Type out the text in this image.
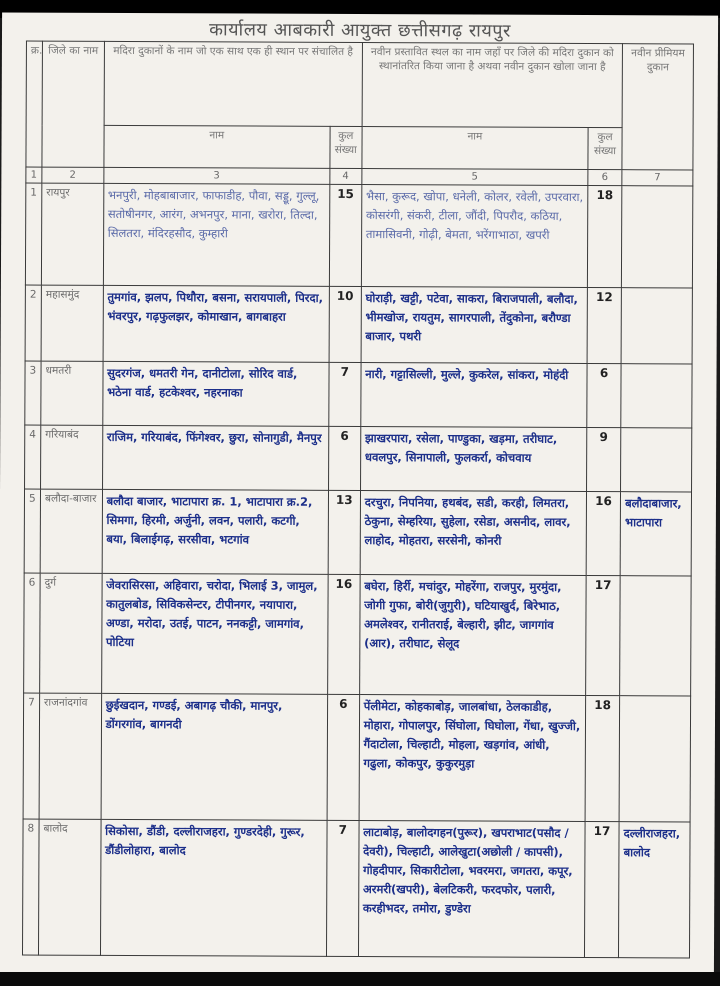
कार्यालय आबकारी आयुक्त छत्तीसगढ़ रायपुर
क्र.	जिले का नाम	मदिरा दुकानों के नाम जो एक साथ एक ही स्थान पर संचालित है		नवीन प्रस्तावित स्थल का नाम जहाँ पर जिले की मदिरा दुकान को स्थानांतरित किया जाना है अथवा नवीन दुकान खोला जाना है		नवीन प्रीमियम दुकान
		नाम	कुल संख्या	नाम	कुल संख्या	
1	2	3	4	5	6	7
1	रायपुर	भनपुरी, मोहबाबाजार, फाफाडीह, पौवा, सड्डू, गुल्लू, सतोषीनगर, आरंग, अभनपुर, माना, खरोरा, तिल्दा, सिलतरा, मंदिरहसौद, कुम्हारी	15	भैसा, कुरूद, खोपा, धनेली, कोलर, रवेली, उपरवारा, कोसरंगी, संकरी, टीला, जौंदी, पिपरौद, कठिया, तामासिवनी, गोढ़ी, बेमता, भरेंगाभाठा, खपरी	18	
2	महासमुंद	तुमगांव, झलप, पिथौरा, बसना, सरायपाली, पिरदा, भंवरपुर, गढ़फुलझर, कोमाखान, बागबाहरा	10	घोराड़ी, खट्टी, पटेवा, साकरा, बिराजपाली, बलौदा, भीमखोज, रायतुम, सागरपाली, तेंदुकोना, बरौण्डा बाजार, पथरी	12	
3	धमतरी	सुदरगंज, धमतरी गेन, दानीटोला, सोरिद वार्ड, भठेना वार्ड, हटकेश्वर, नहरनाका	7	नारी, गट्टासिल्ली, मुल्ले, कुकरेल, सांकरा, मोहंदी	6	
4	गरियाबंद	राजिम, गरियाबंद, फिंगेश्वर, छुरा, सोनागुडी, मैनपुर	6	झाखरपारा, रसेला, पाण्डुका, खड़मा, तरीघाट, धवलपुर, सिनापाली, फुलकर्रा, कोचवाय	9	
5	बलौदा-बाजार	बलौदा बाजार, भाटापारा क्र. 1, भाटापारा क्र.2, सिमगा, हिरमी, अर्जुनी, लवन, पलारी, कटगी, बया, बिलाईगढ़, सरसीवा, भटगांव	13	दरचुरा, निपनिया, हथबंद, सडी, करही, लिमतरा, ठेकुना, सेम्हरिया, सुहेला, रसेडा, असनीद, लावर, लाहोद, मोहतरा, सरसेनी, कोनरी	16	बलौदाबाजार, भाटापारा
6	दुर्ग	जेवरासिरसा, अहिवारा, चरोदा, भिलाई 3, जामुल, कातुलबोड, सिविकसेन्टर, टीपीनगर, नयापारा, अण्डा, मरोदा, उतई, पाटन, ननकट्टी, जामगांव, पोटिया	16	बघेरा, हिर्री, मचांदुर, मोहरेंगा, राजपुर, मुरमुंदा, जोगी गुफा, बोरी(जुगुरी), घटियाखुर्द, बिरेभाठ, अमलेश्वर, रानीतराई, बेल्हारी, झीट, जागगांव (आर), तरीघाट, सेलूद	17	
7	राजनांदगांव	छुईखदान, गण्डई, अबागढ़ चौकी, मानपुर, डोंगरगांव, बागनदी	6	पेंलीमेटा, कोहकाबोड़, जालबांधा, ठेलकाडीह, मोहारा, गोपालपुर, सिंघोला, घिघोला, गेंधा, खुज्जी, गैंदाटोला, चिल्हाटी, मोहला, खड़गांव, आंधी, गढुला, कोकपुर, कुकुरमुड़ा	18	
8	बालोद	सिकोसा, डौंडी, दल्लीराजहरा, गुण्डरदेही, गुरूर, डौंडीलोहारा, बालोद	7	लाटाबोड़, बालोदगहन(पुरूर), खपराभाट(पसौद / देवरी), चिल्हाटी, आलेखुटा(अछोली / कापसी), गोहदीपार, सिकारीटोला, भवरमरा, जगतरा, कपूर, अरमरी(खपरी), बेलटिकरी, फरदफोर, पलारी, करहीभदर, तमोरा, डुण्डेरा	17	दल्लीराजहरा, बालोद
